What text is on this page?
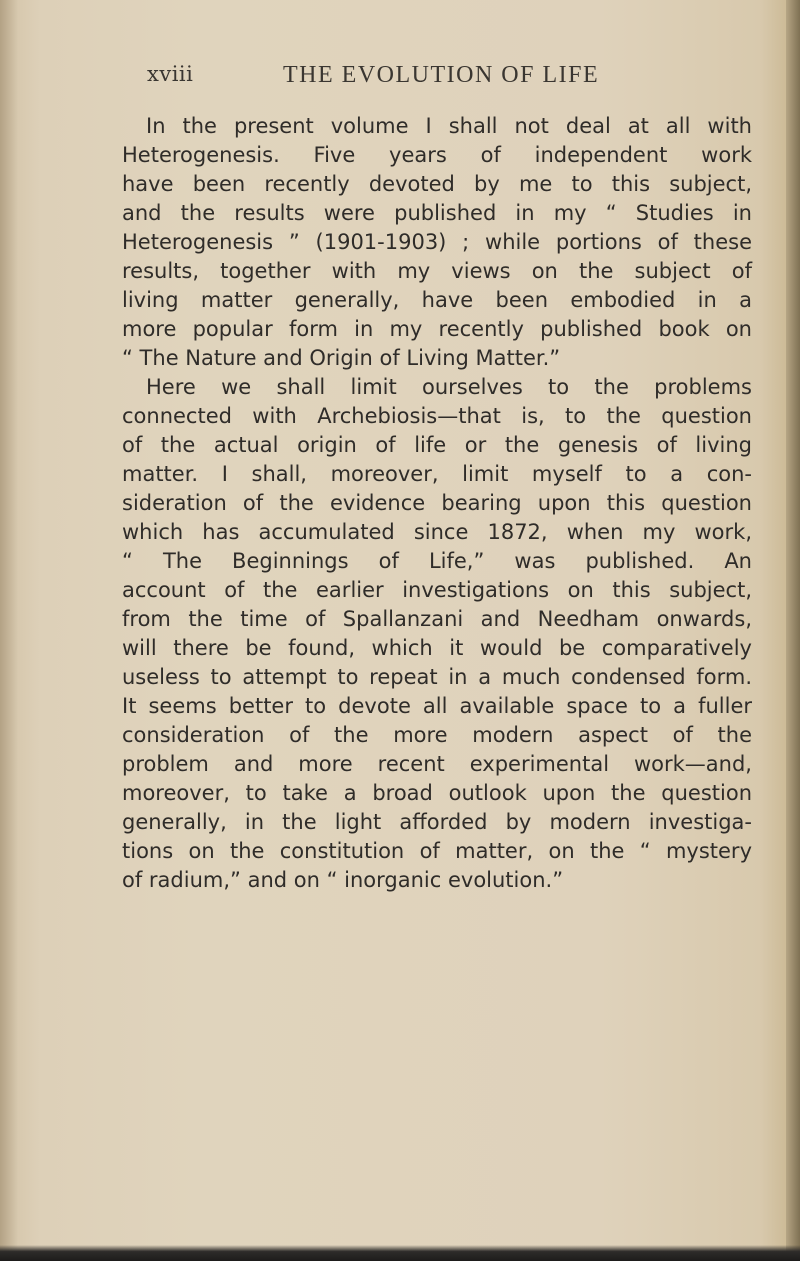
xviii	THE EVOLUTION OF LIFE
In the present volume I shall not deal at all with
Heterogenesis. Five years of independent work
have been recently devoted by me to this subject,
and the results were published in my “ Studies in
Heterogenesis ” (1901-1903) ; while portions of these
results, together with my views on the subject of
living matter generally, have been embodied in a
more popular form in my recently published book on
“ The Nature and Origin of Living Matter.”
Here we shall limit ourselves to the problems
connected with Archebiosis—that is, to the question
of the actual origin of life or the genesis of living
matter. I shall, moreover, limit myself to a con-
sideration of the evidence bearing upon this question
which has accumulated since 1872, when my work,
“ The Beginnings of Life,” was published. An
account of the earlier investigations on this subject,
from the time of Spallanzani and Needham onwards,
will there be found, which it would be comparatively
useless to attempt to repeat in a much condensed form.
It seems better to devote all available space to a fuller
consideration of the more modern aspect of the
problem and more recent experimental work—and,
moreover, to take a broad outlook upon the question
generally, in the light afforded by modern investiga-
tions on the constitution of matter, on the “ mystery
of radium,” and on “ inorganic evolution.”
